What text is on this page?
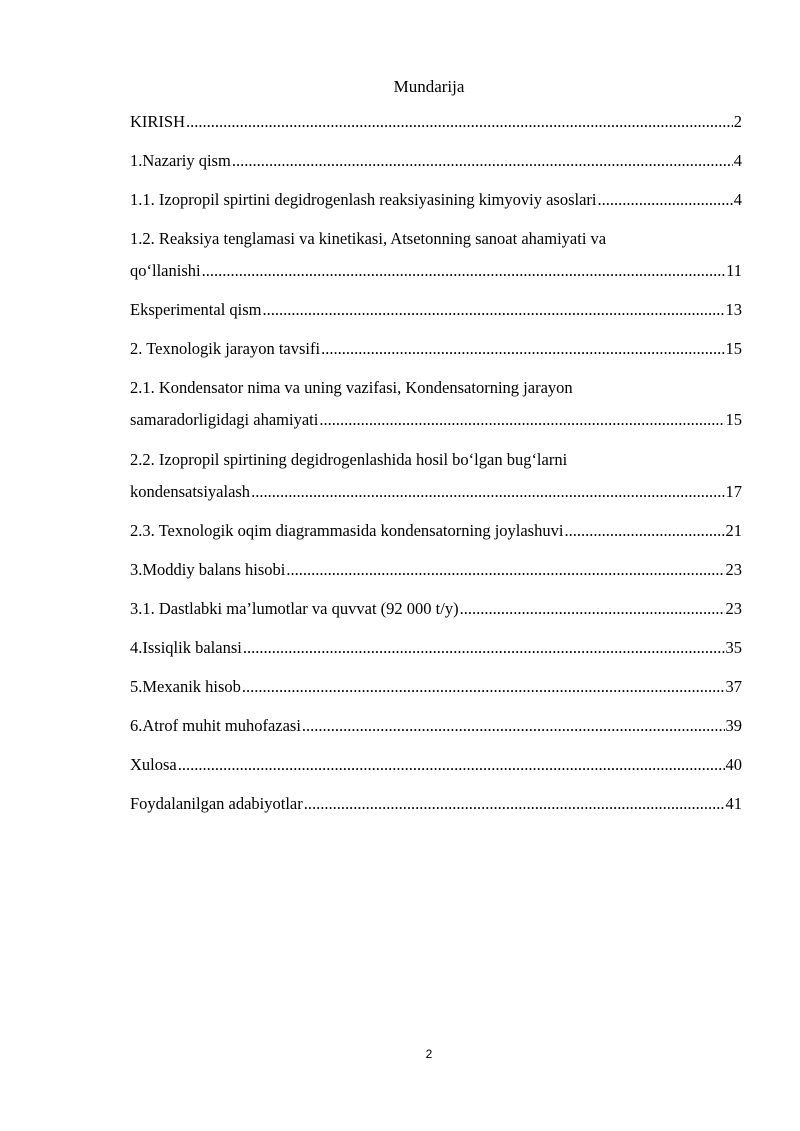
Mundarija
KIRISH .....	2
1.Nazariy qism .....	4
1.1. Izopropil spirtini degidrogenlash reaksiyasining kimyoviy asoslari .....	4
1.2. Reaksiya tenglamasi va kinetikasi, Atsetonning sanoat ahamiyati va
qo‘llanishi .....	11
Eksperimental qism .....	13
2. Texnologik jarayon tavsifi .....	15
2.1. Kondensator nima va uning vazifasi, Kondensatorning jarayon
samaradorligidagi ahamiyati .....	15
2.2. Izopropil spirtining degidrogenlashida hosil bo‘lgan bug‘larni
kondensatsiyalash .....	17
2.3. Texnologik oqim diagrammasida kondensatorning joylashuvi .....	21
3.Moddiy balans hisobi .....	23
3.1. Dastlabki ma’lumotlar va quvvat (92 000 t/y) .....	23
4.Issiqlik balansi .....	35
5.Mexanik hisob .....	37
6.Atrof muhit muhofazasi .....	39
Xulosa .....	40
Foydalanilgan adabiyotlar .....	41
2
